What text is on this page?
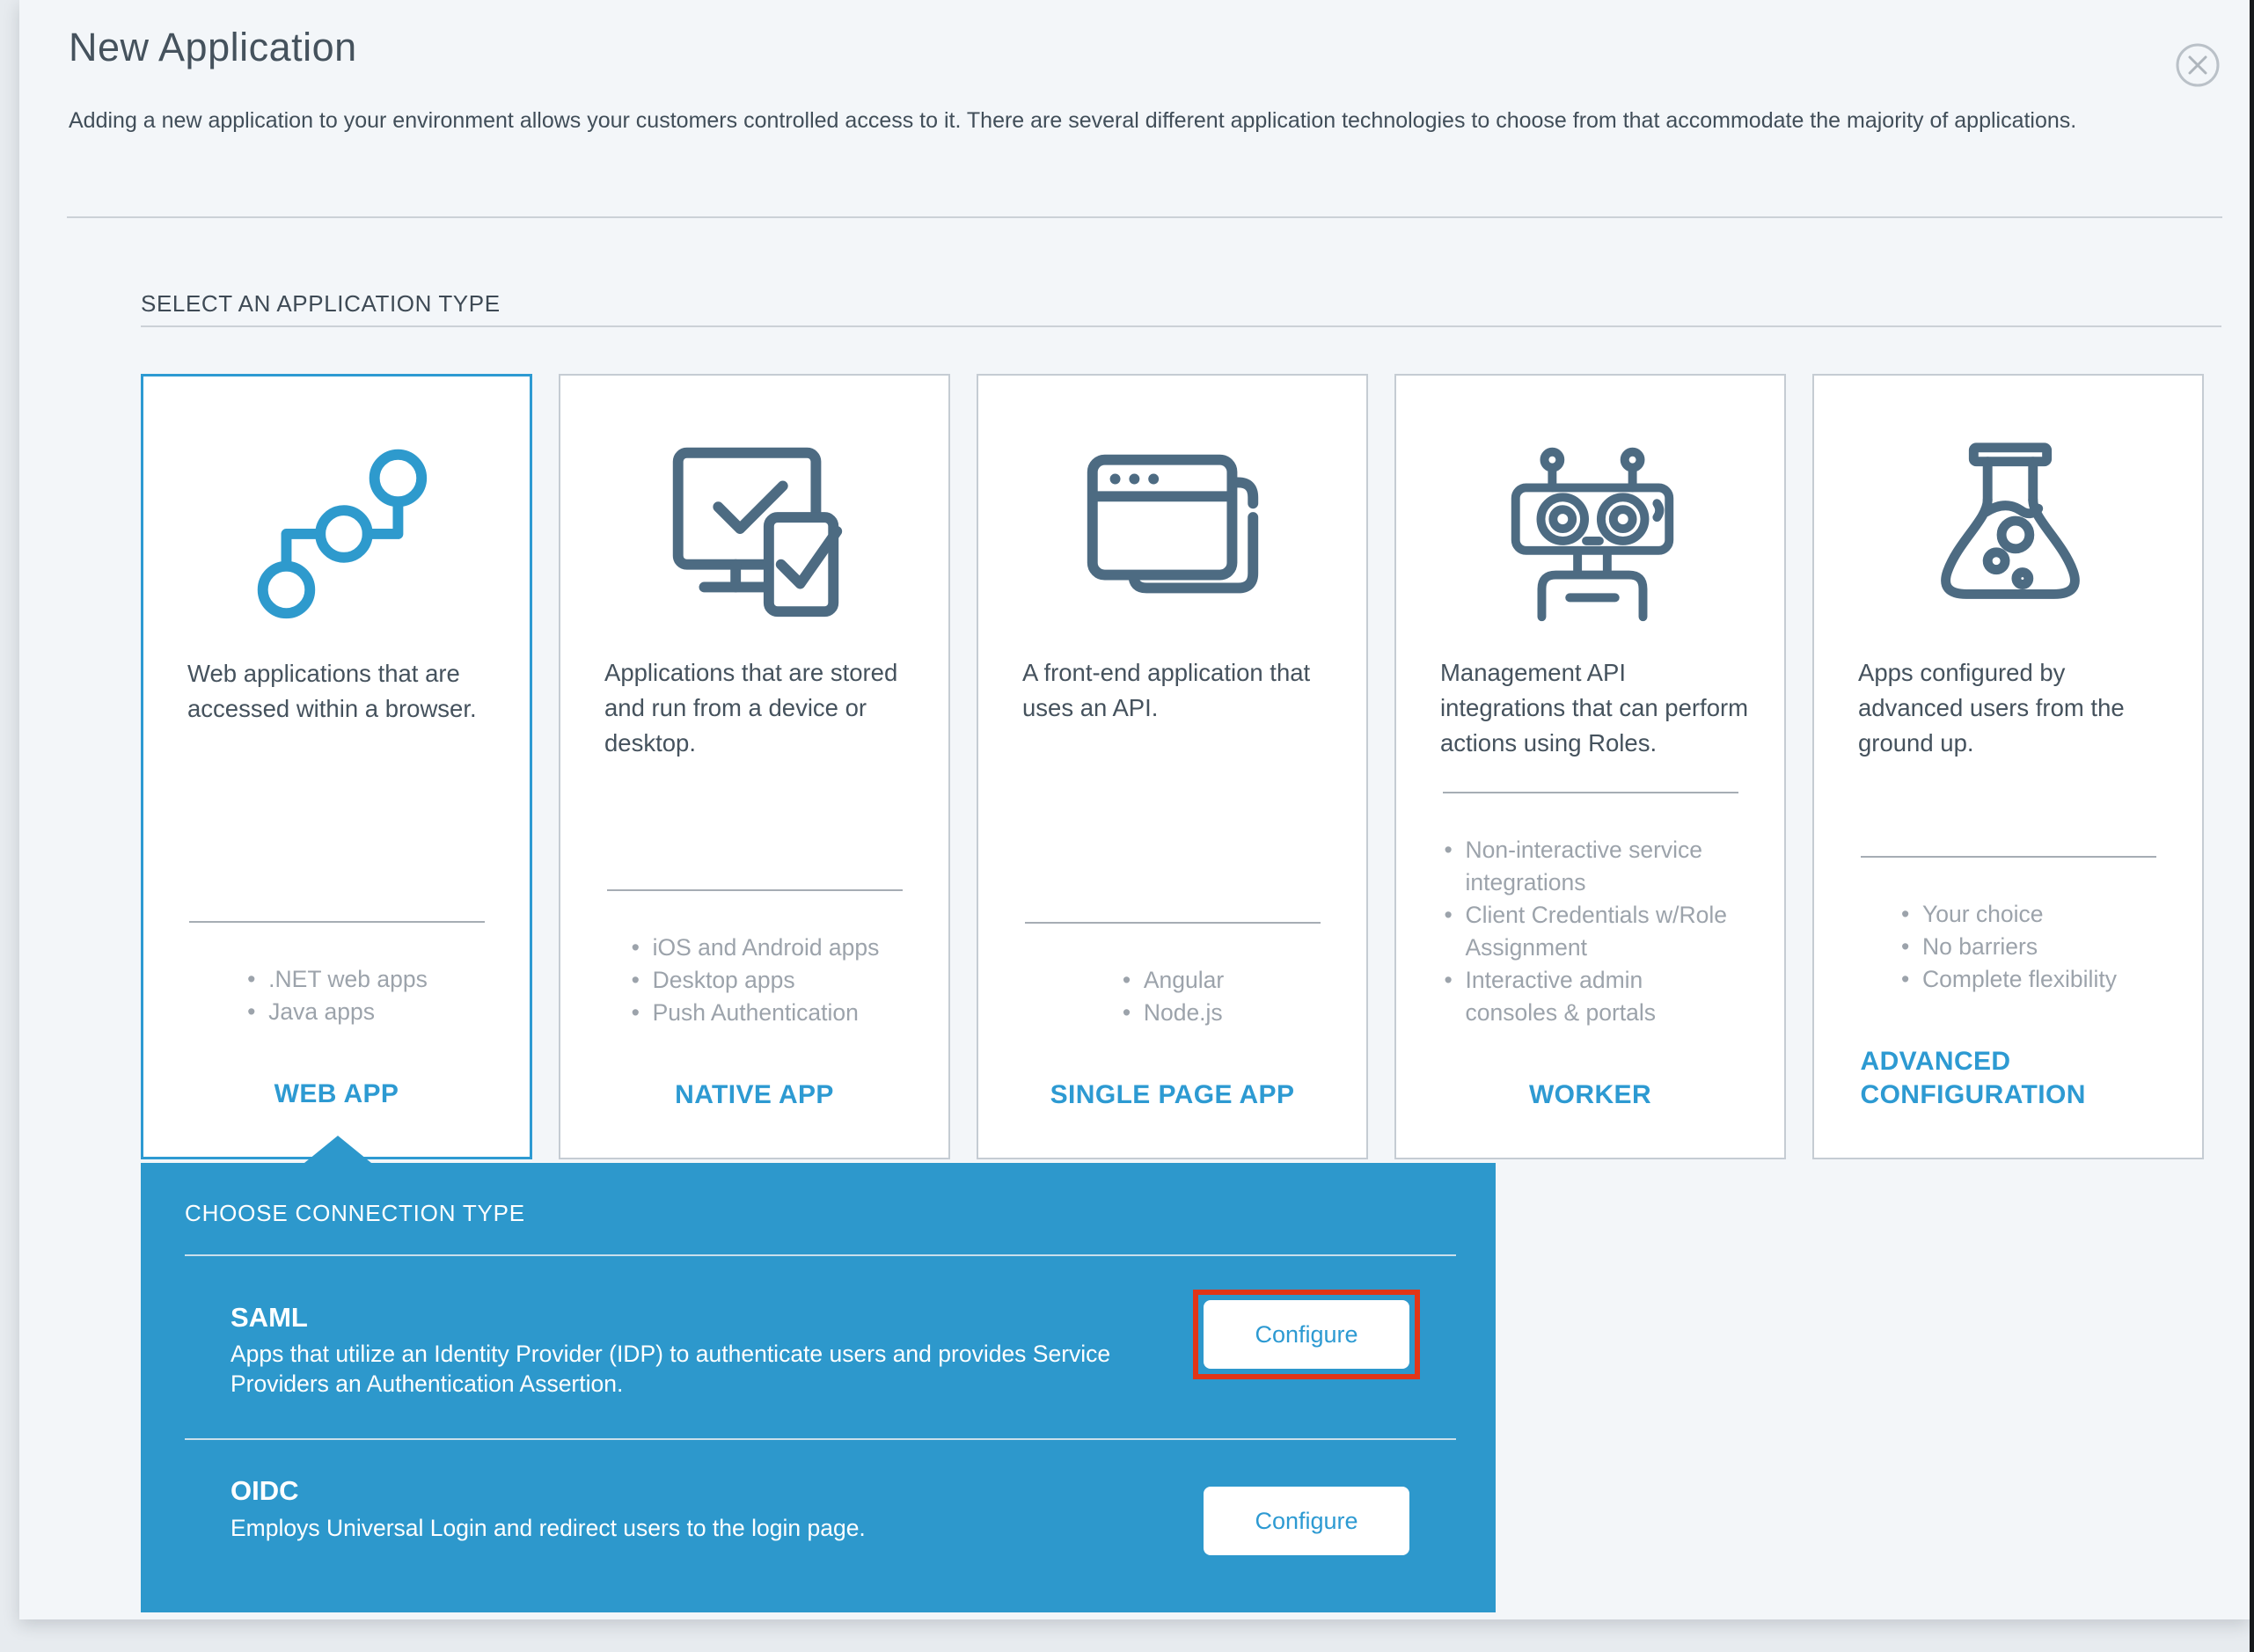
New Application
Adding a new application to your environment allows your customers controlled access to it. There are several different application technologies to choose from that accommodate the majority of applications.
SELECT AN APPLICATION TYPE
Web applications that are accessed within a browser.
• .NET web apps
• Java apps
WEB APP
Applications that are stored and run from a device or desktop.
• iOS and Android apps
• Desktop apps
• Push Authentication
NATIVE APP
A front-end application that uses an API.
• Angular
• Node.js
SINGLE PAGE APP
Management API integrations that can perform actions using Roles.
• Non-interactive service integrations
• Client Credentials w/Role Assignment
• Interactive admin consoles & portals
WORKER
Apps configured by advanced users from the ground up.
• Your choice
• No barriers
• Complete flexibility
ADVANCED CONFIGURATION
CHOOSE CONNECTION TYPE
SAML
Apps that utilize an Identity Provider (IDP) to authenticate users and provides Service Providers an Authentication Assertion.
Configure
OIDC
Employs Universal Login and redirect users to the login page.	Configure
